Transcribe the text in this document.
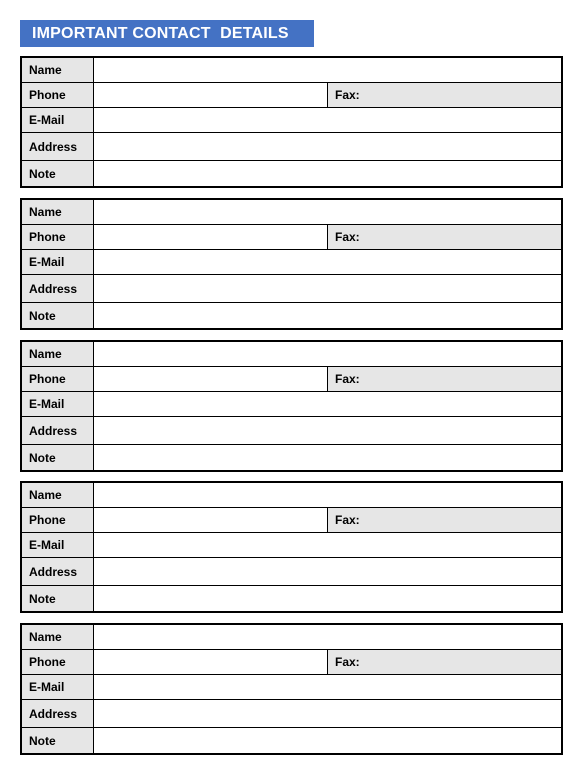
IMPORTANT CONTACT  DETAILS
Name
Phone	Fax:
E-Mail
Address
Note
Name
Phone	Fax:
E-Mail
Address
Note
Name
Phone	Fax:
E-Mail
Address
Note
Name
Phone	Fax:
E-Mail
Address
Note
Name
Phone	Fax:
E-Mail
Address
Note
